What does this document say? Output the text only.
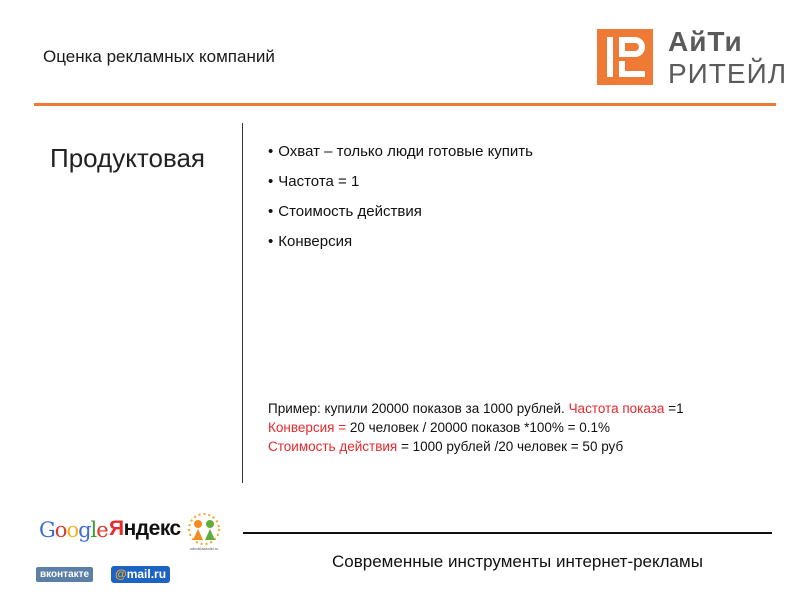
Оценка рекламных компаний	АйТи
РИТЕЙЛ
Продуктовая	• Охват – только люди готовые купить
• Частота = 1
• Стоимость действия
• Конверсия
Пример: купили 20000 показов за 1000 рублей. Частота показа =1
Конверсия = 20 человек / 20000 показов *100% = 0.1%
Стоимость действия = 1000 рублей /20 человек = 50 руб
Google Яндекс
odnoklassniki.ru
вконтакте	@mail.ru
Современные инструменты интернет-рекламы
